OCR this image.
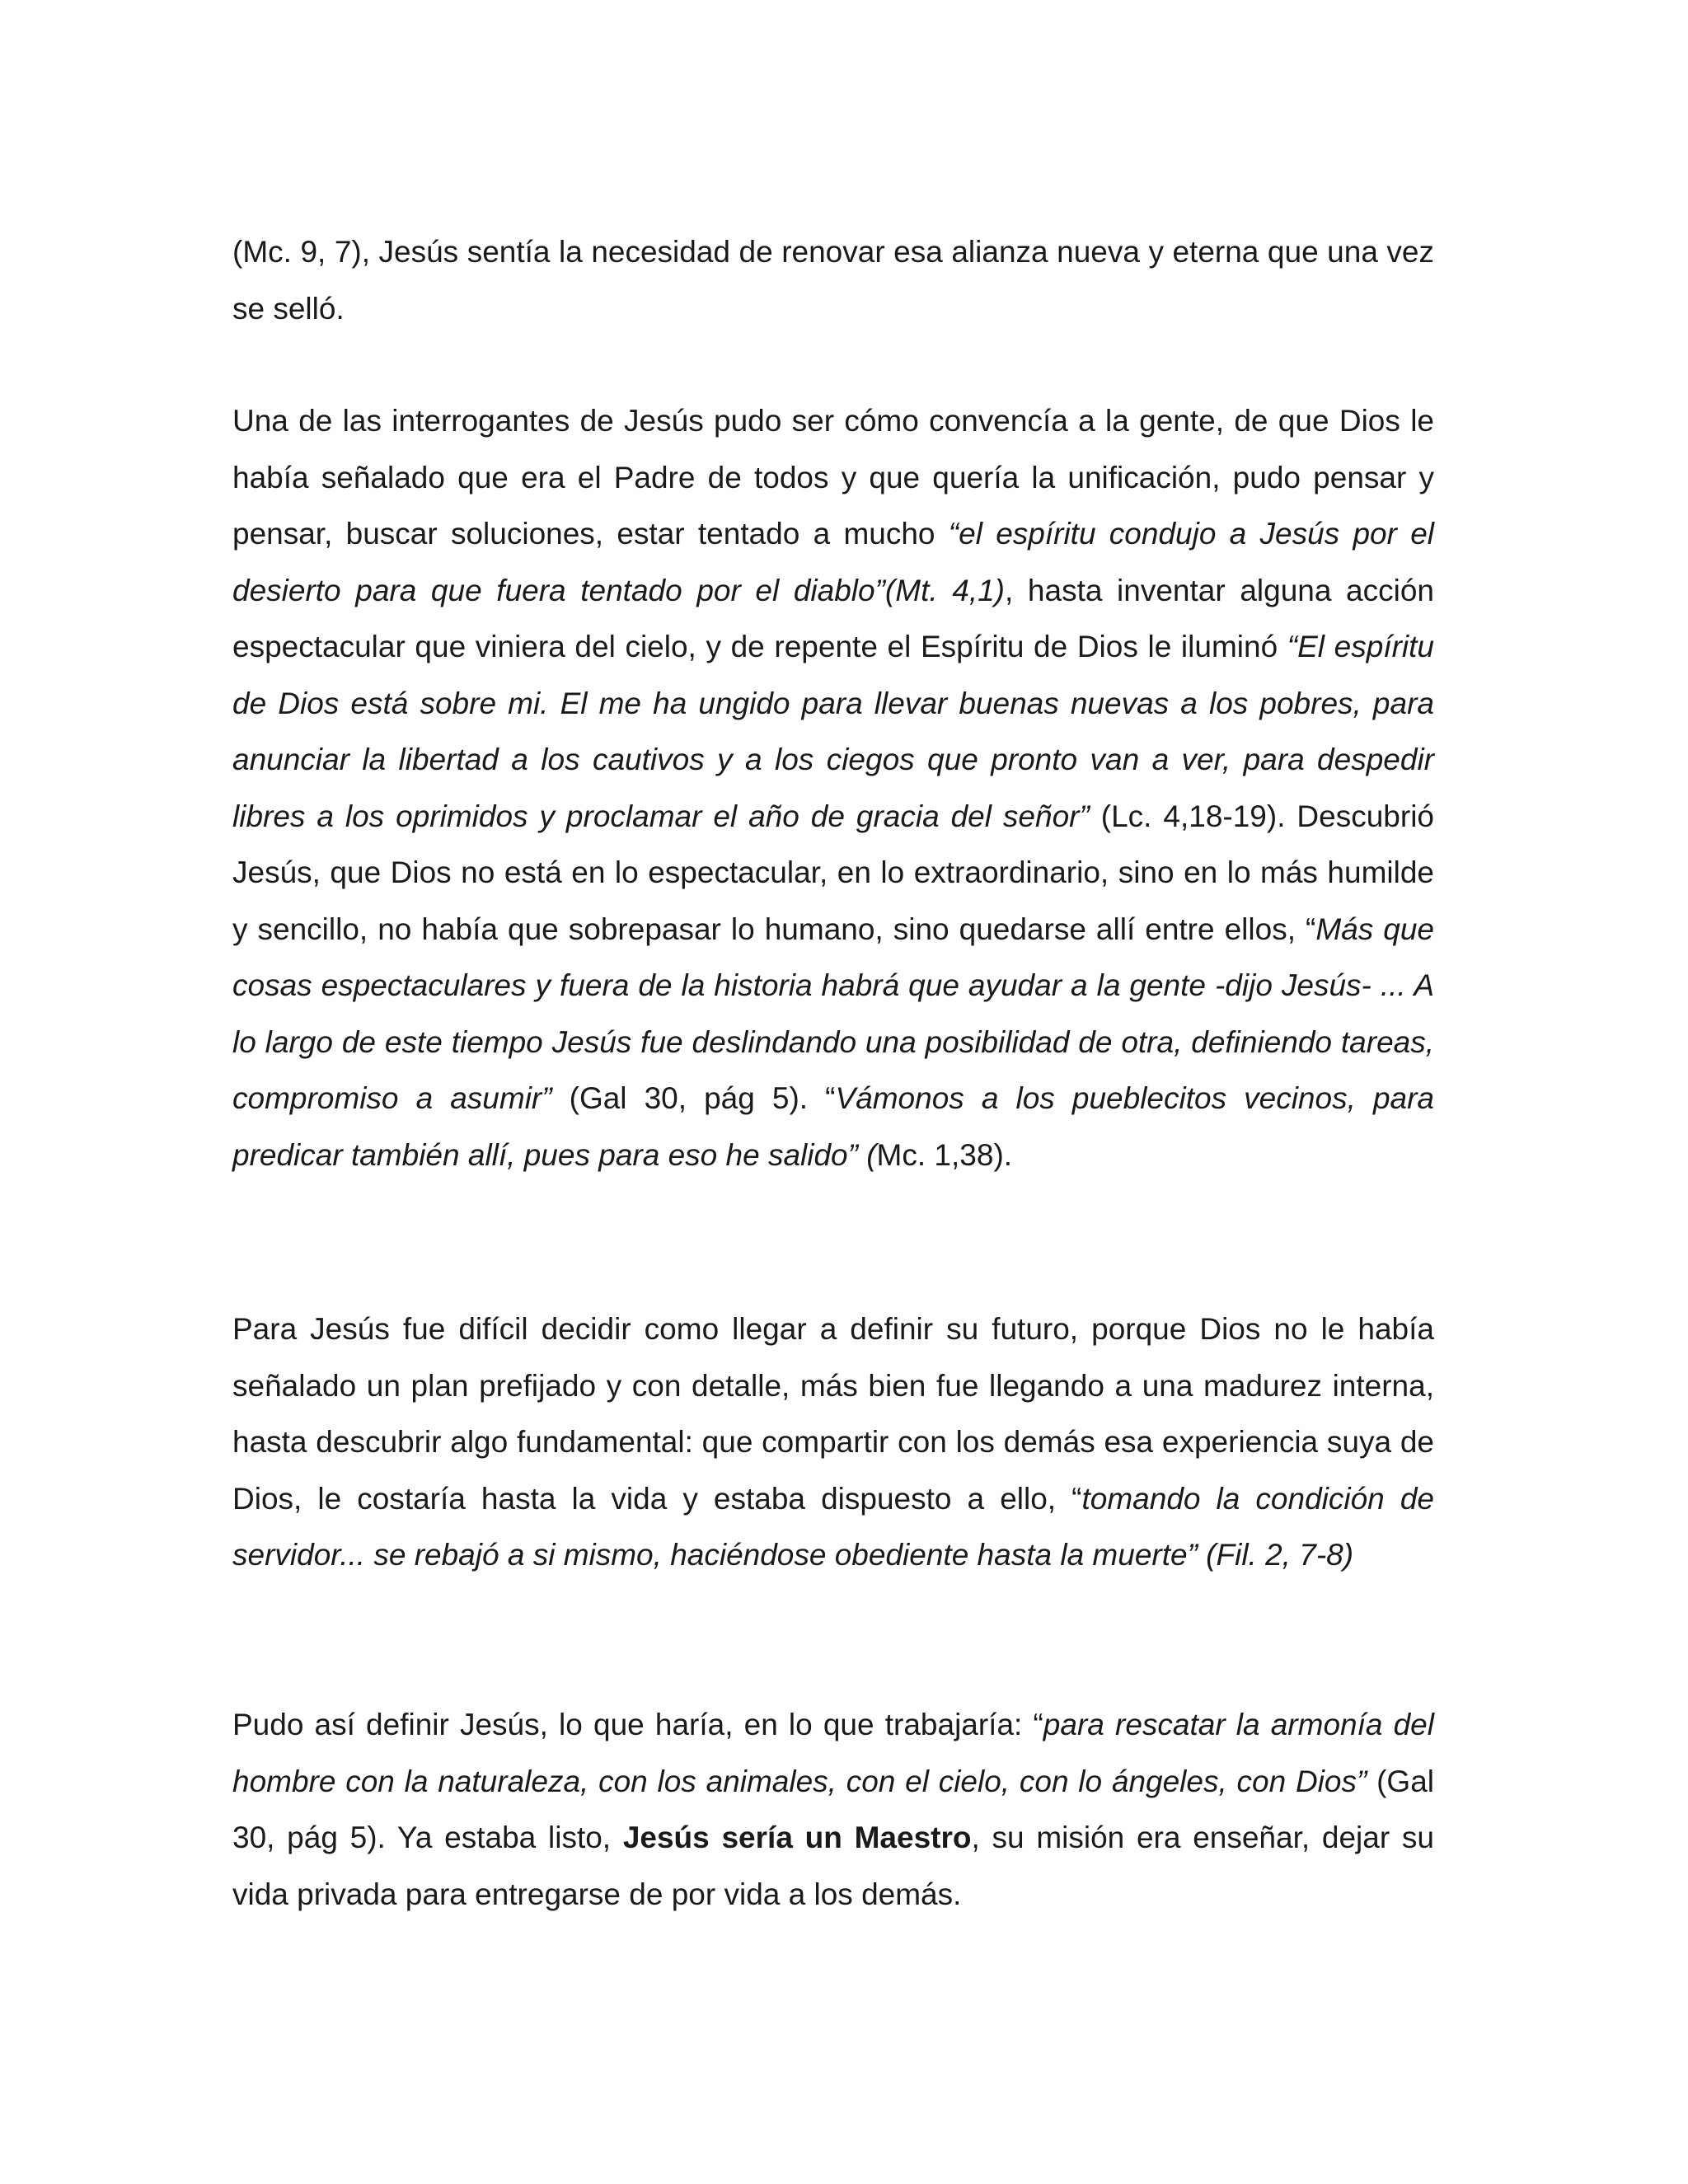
(Mc. 9, 7), Jesús sentía la necesidad de renovar esa alianza nueva y eterna que una vez se selló.

Una de las interrogantes de Jesús pudo ser cómo convencía a la gente, de que Dios le había señalado que era el Padre de todos y que quería la unificación, pudo pensar y pensar, buscar soluciones, estar tentado a mucho “el espíritu condujo a Jesús por el desierto para que fuera tentado por el diablo”(Mt. 4,1), hasta inventar alguna acción espectacular que viniera del cielo, y de repente el Espíritu de Dios le iluminó “El espíritu de Dios está sobre mi. El me ha ungido para llevar buenas nuevas a los pobres, para anunciar la libertad a los cautivos y a los ciegos que pronto van a ver, para despedir libres a los oprimidos y proclamar el año de gracia del señor” (Lc. 4,18-19). Descubrió Jesús, que Dios no está en lo espectacular, en lo extraordinario, sino en lo más humilde y sencillo, no había que sobrepasar lo humano, sino quedarse allí entre ellos, “Más que cosas espectaculares y fuera de la historia habrá que ayudar a la gente -dijo Jesús- ... A lo largo de este tiempo Jesús fue deslindando una posibilidad de otra, definiendo tareas, compromiso a asumir” (Gal 30, pág 5). “Vámonos a los pueblecitos vecinos, para predicar también allí, pues para eso he salido” (Mc. 1,38).

Para Jesús fue difícil decidir como llegar a definir su futuro, porque Dios no le había señalado un plan prefijado y con detalle, más bien fue llegando a una madurez interna, hasta descubrir algo fundamental: que compartir con los demás esa experiencia suya de Dios, le costaría hasta la vida y estaba dispuesto a ello, “tomando la condición de servidor... se rebajó a si mismo, haciéndose obediente hasta la muerte” (Fil. 2, 7-8)

Pudo así definir Jesús, lo que haría, en lo que trabajaría: “para rescatar la armonía del hombre con la naturaleza, con los animales, con el cielo, con lo ángeles, con Dios” (Gal 30, pág 5). Ya estaba listo, Jesús sería un Maestro, su misión era enseñar, dejar su vida privada para entregarse de por vida a los demás.
